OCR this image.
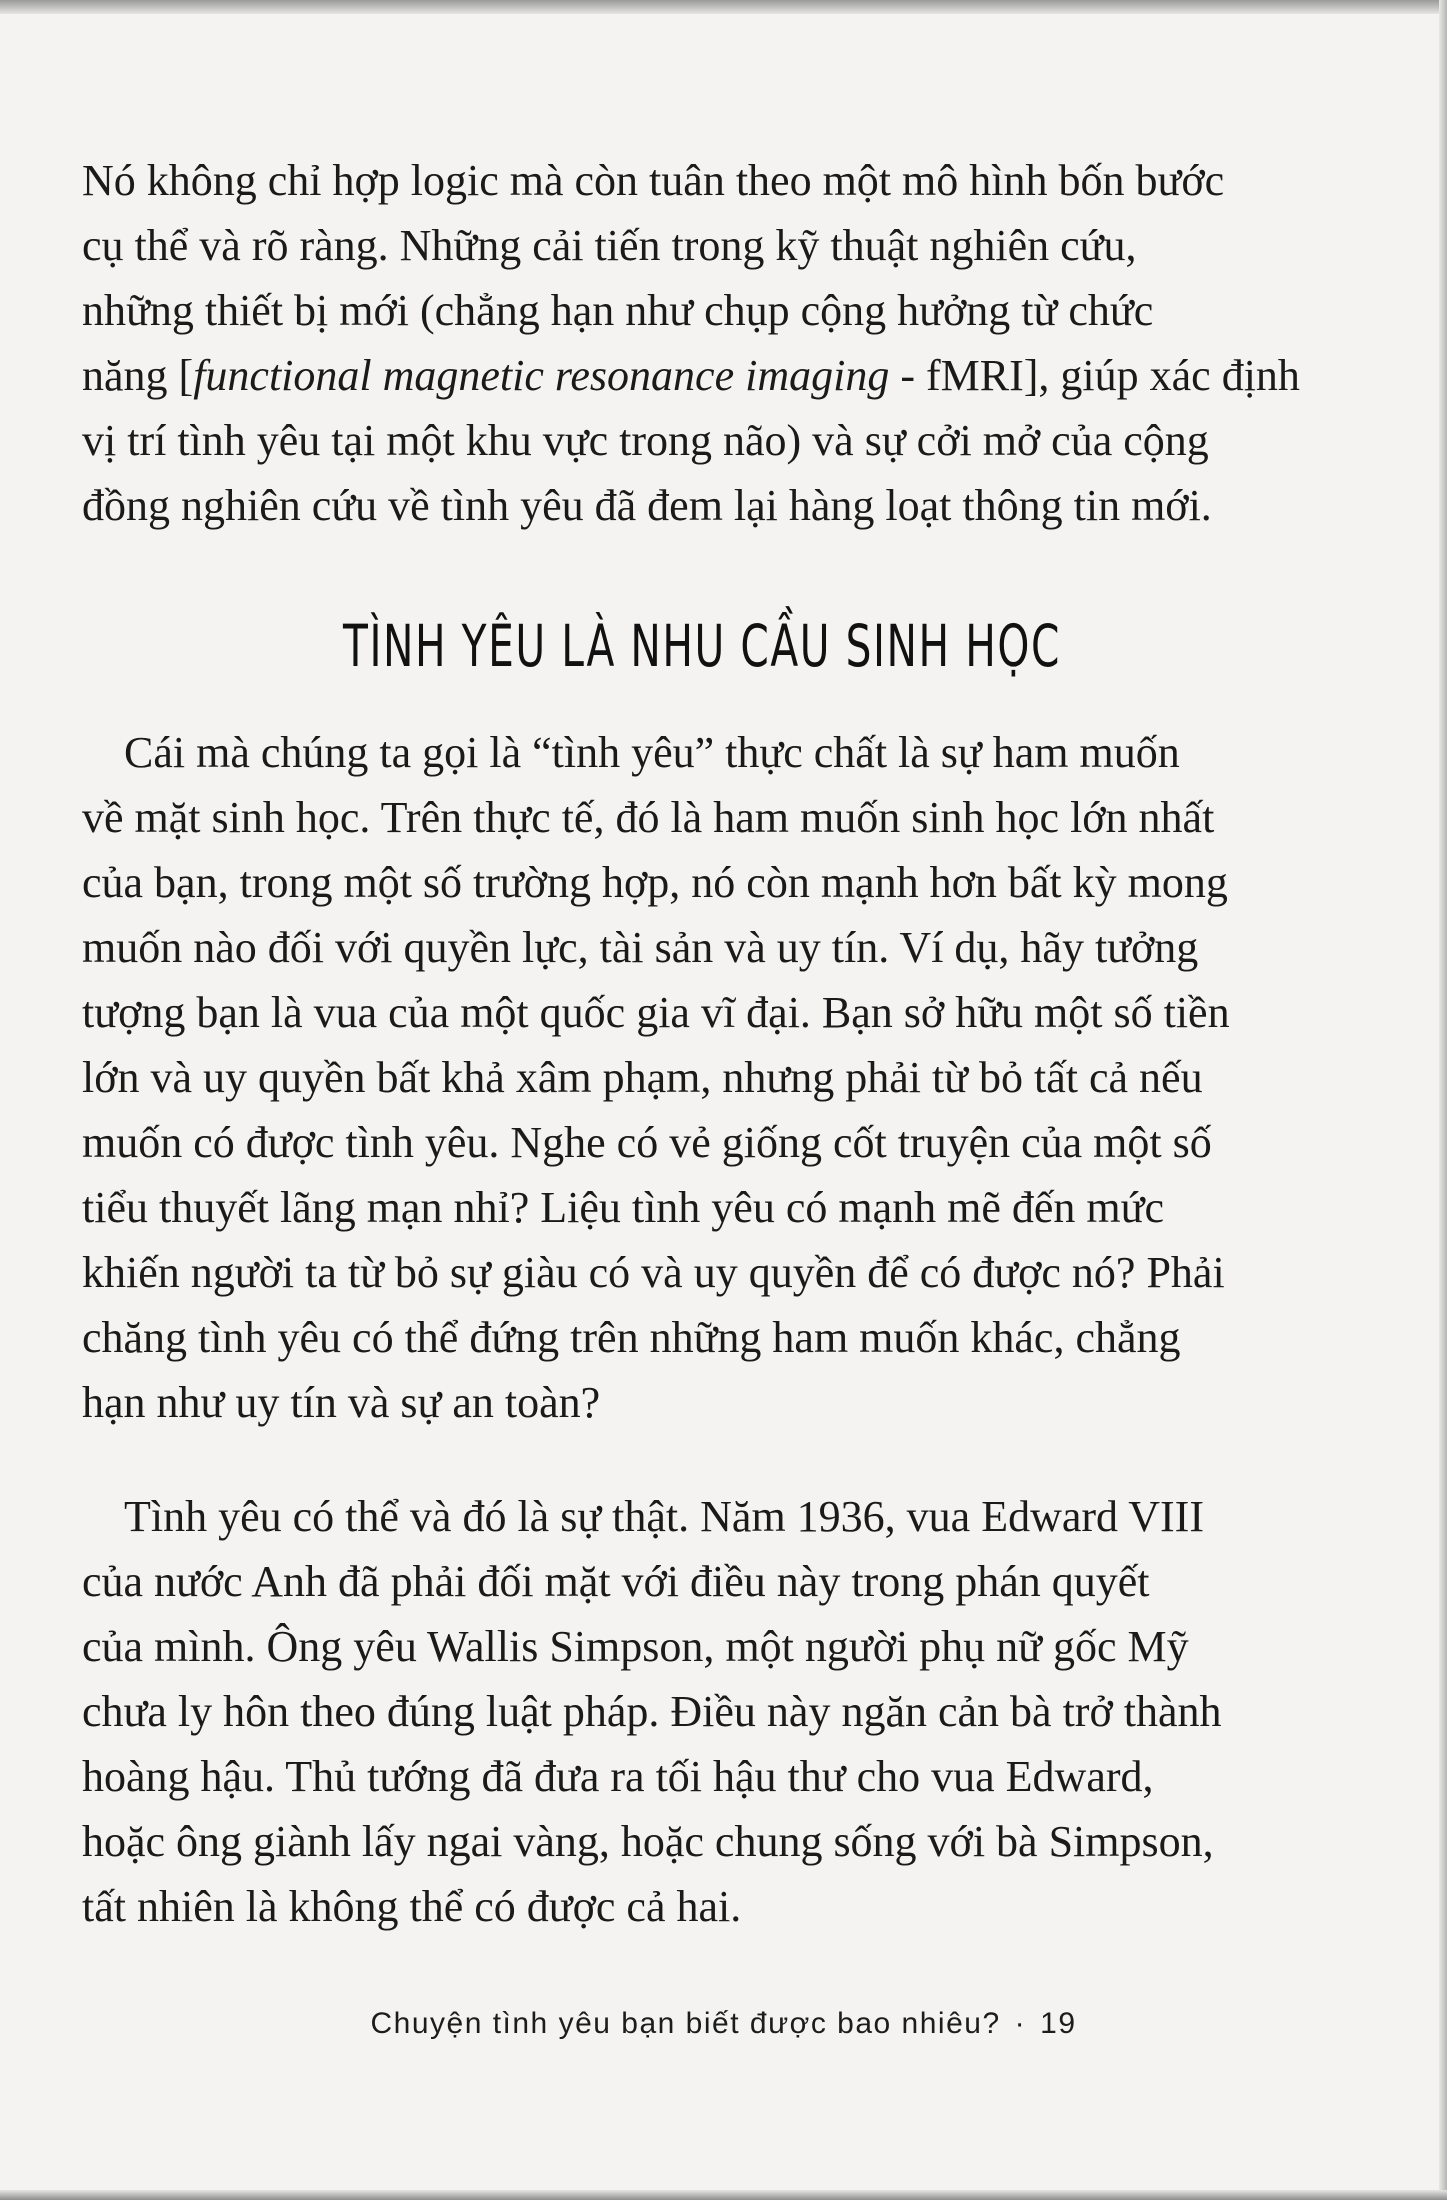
Nó không chỉ hợp logic mà còn tuân theo một mô hình bốn bước
cụ thể và rõ ràng. Những cải tiến trong kỹ thuật nghiên cứu,
những thiết bị mới (chẳng hạn như chụp cộng hưởng từ chức
năng [functional magnetic resonance imaging - fMRI], giúp xác định
vị trí tình yêu tại một khu vực trong não) và sự cởi mở của cộng
đồng nghiên cứu về tình yêu đã đem lại hàng loạt thông tin mới.

TÌNH YÊU LÀ NHU CẦU SINH HỌC

Cái mà chúng ta gọi là “tình yêu” thực chất là sự ham muốn
về mặt sinh học. Trên thực tế, đó là ham muốn sinh học lớn nhất
của bạn, trong một số trường hợp, nó còn mạnh hơn bất kỳ mong
muốn nào đối với quyền lực, tài sản và uy tín. Ví dụ, hãy tưởng
tượng bạn là vua của một quốc gia vĩ đại. Bạn sở hữu một số tiền
lớn và uy quyền bất khả xâm phạm, nhưng phải từ bỏ tất cả nếu
muốn có được tình yêu. Nghe có vẻ giống cốt truyện của một số
tiểu thuyết lãng mạn nhỉ? Liệu tình yêu có mạnh mẽ đến mức
khiến người ta từ bỏ sự giàu có và uy quyền để có được nó? Phải
chăng tình yêu có thể đứng trên những ham muốn khác, chẳng
hạn như uy tín và sự an toàn?

Tình yêu có thể và đó là sự thật. Năm 1936, vua Edward VIII
của nước Anh đã phải đối mặt với điều này trong phán quyết
của mình. Ông yêu Wallis Simpson, một người phụ nữ gốc Mỹ
chưa ly hôn theo đúng luật pháp. Điều này ngăn cản bà trở thành
hoàng hậu. Thủ tướng đã đưa ra tối hậu thư cho vua Edward,
hoặc ông giành lấy ngai vàng, hoặc chung sống với bà Simpson,
tất nhiên là không thể có được cả hai.

Chuyện tình yêu bạn biết được bao nhiêu? · 19
